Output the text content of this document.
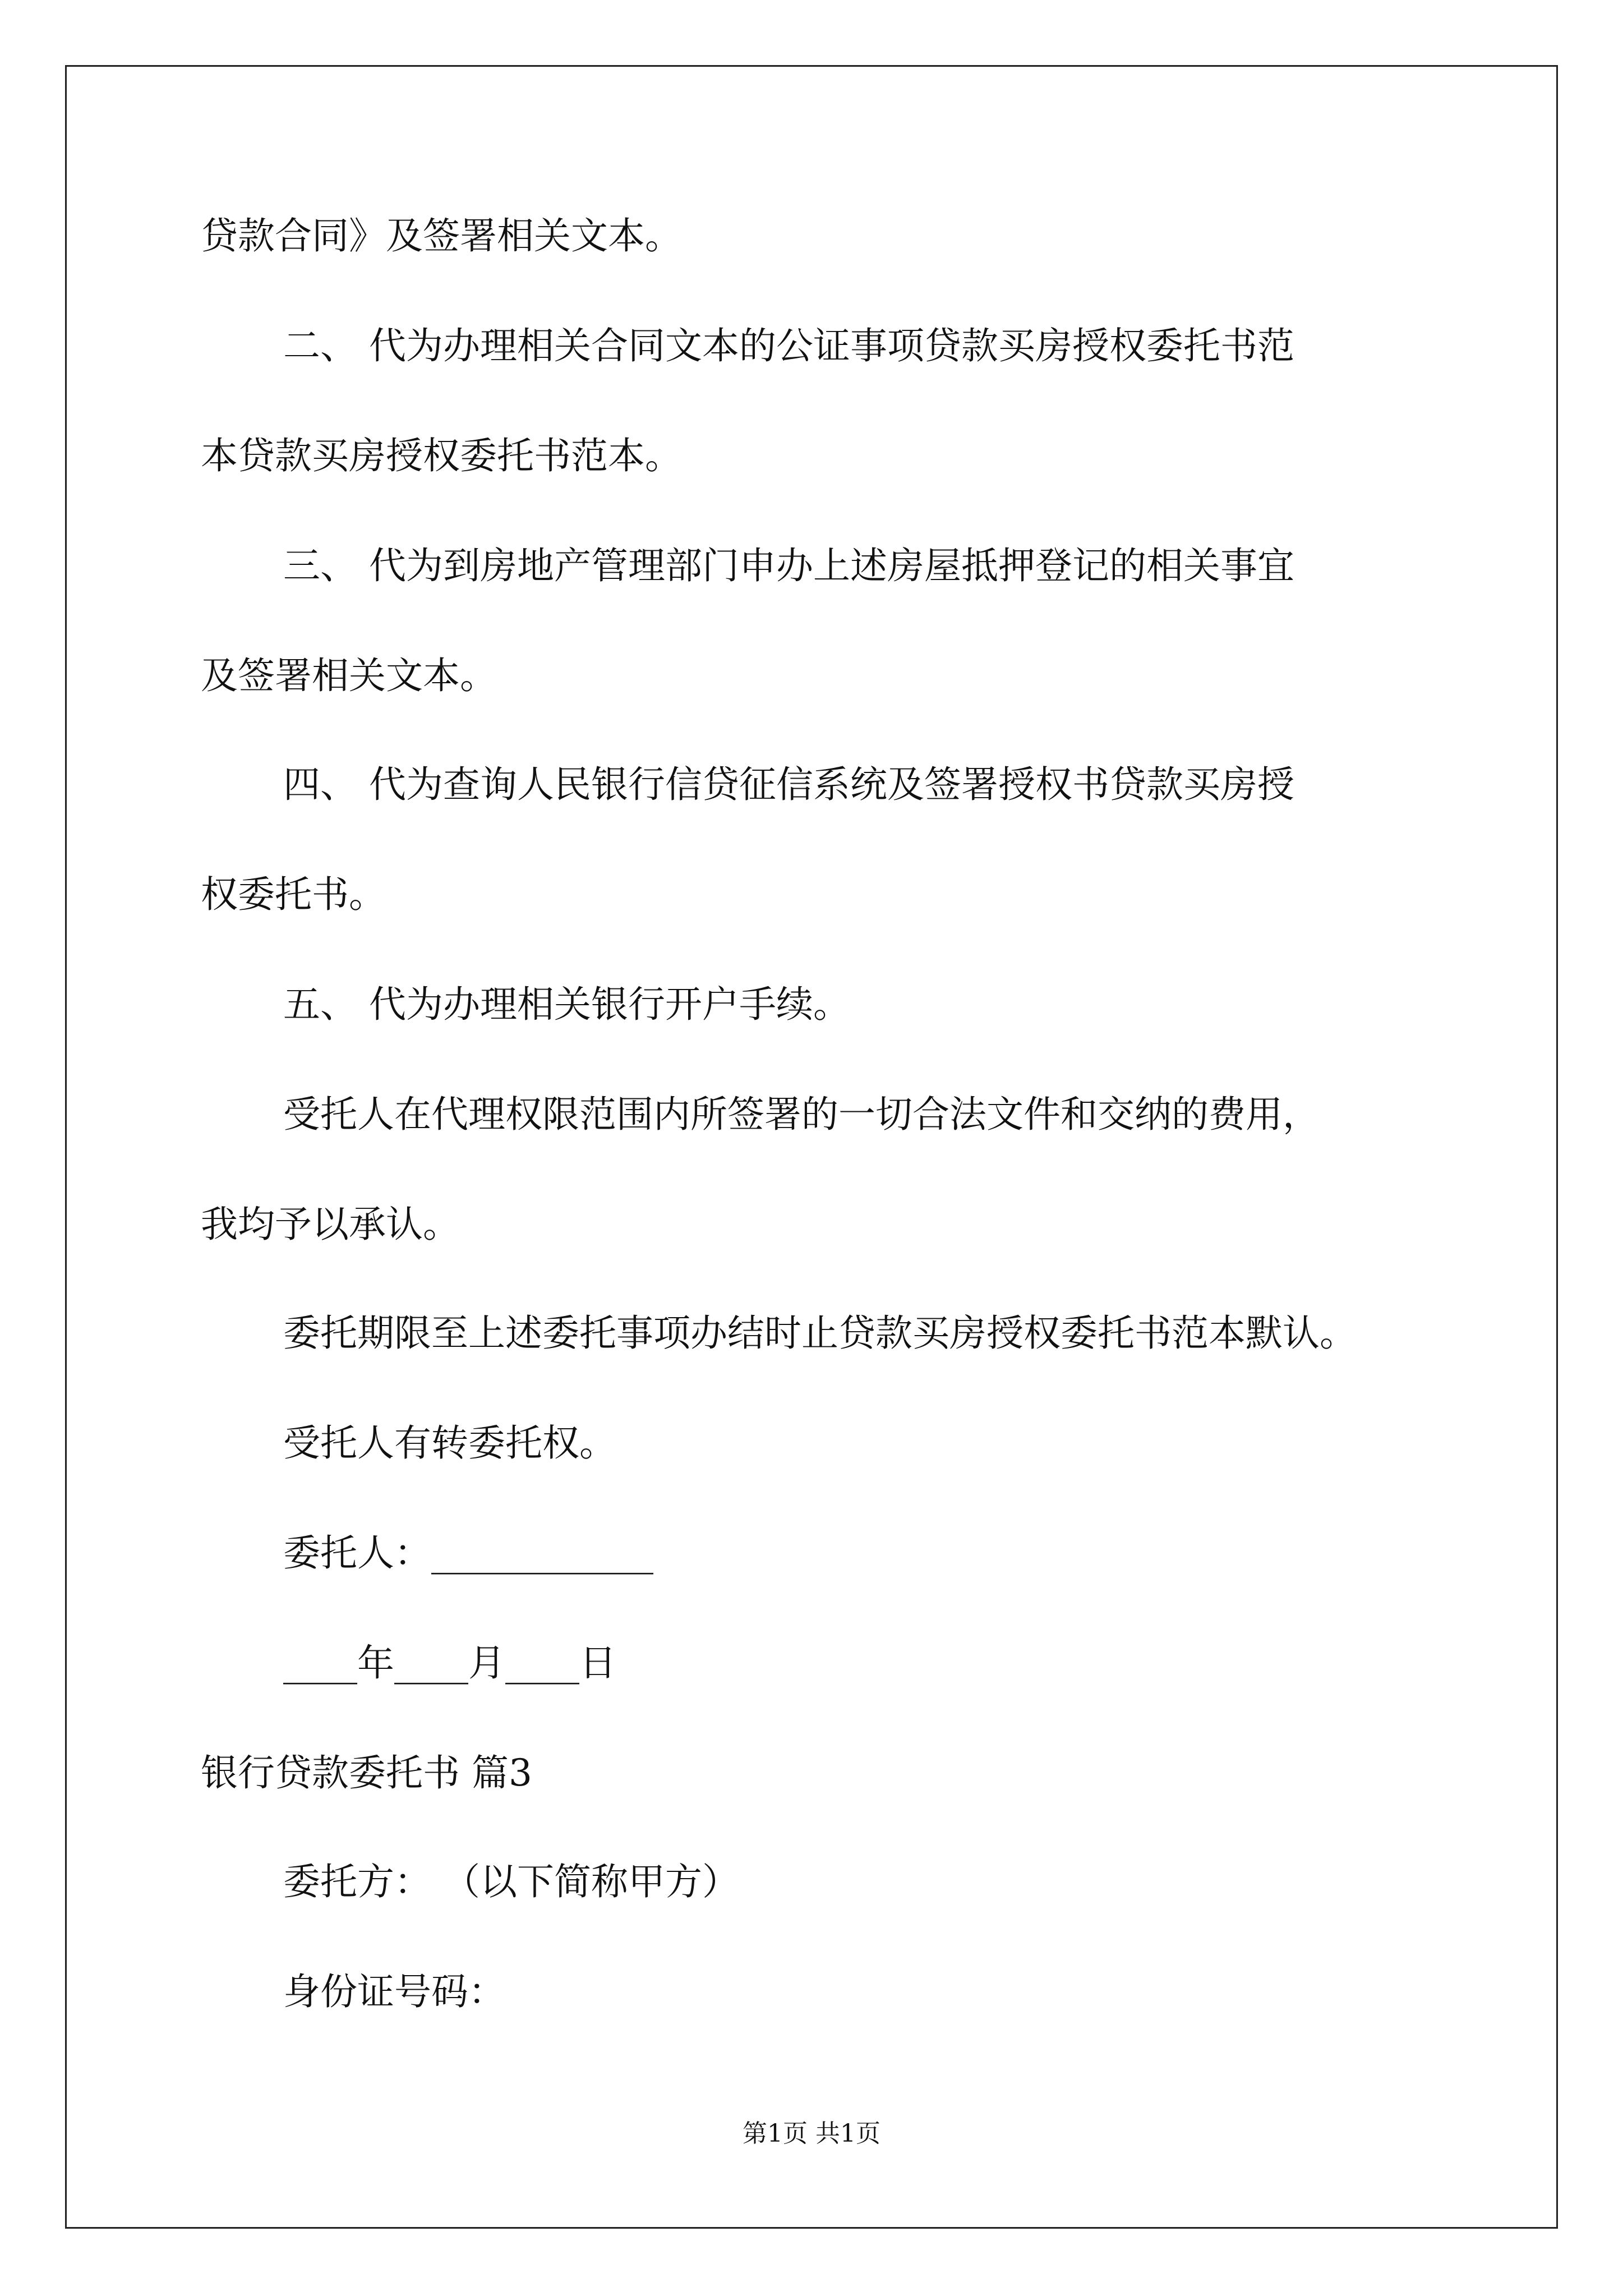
贷款合同》及签署相关文本。
二、 代为办理相关合同文本的公证事项贷款买房授权委托书范
本贷款买房授权委托书范本。
三、 代为到房地产管理部门申办上述房屋抵押登记的相关事宜
及签署相关文本。
四、 代为查询人民银行信贷征信系统及签署授权书贷款买房授
权委托书。
五、 代为办理相关银行开户手续。
受托人在代理权限范围内所签署的一切合法文件和交纳的费用，
我均予以承认。
委托期限至上述委托事项办结时止贷款买房授权委托书范本默认。
受托人有转委托权。
委托人：____________
____年____月____日
银行贷款委托书 篇3
委托方： （以下简称甲方）
身份证号码：
第1页 共1页
